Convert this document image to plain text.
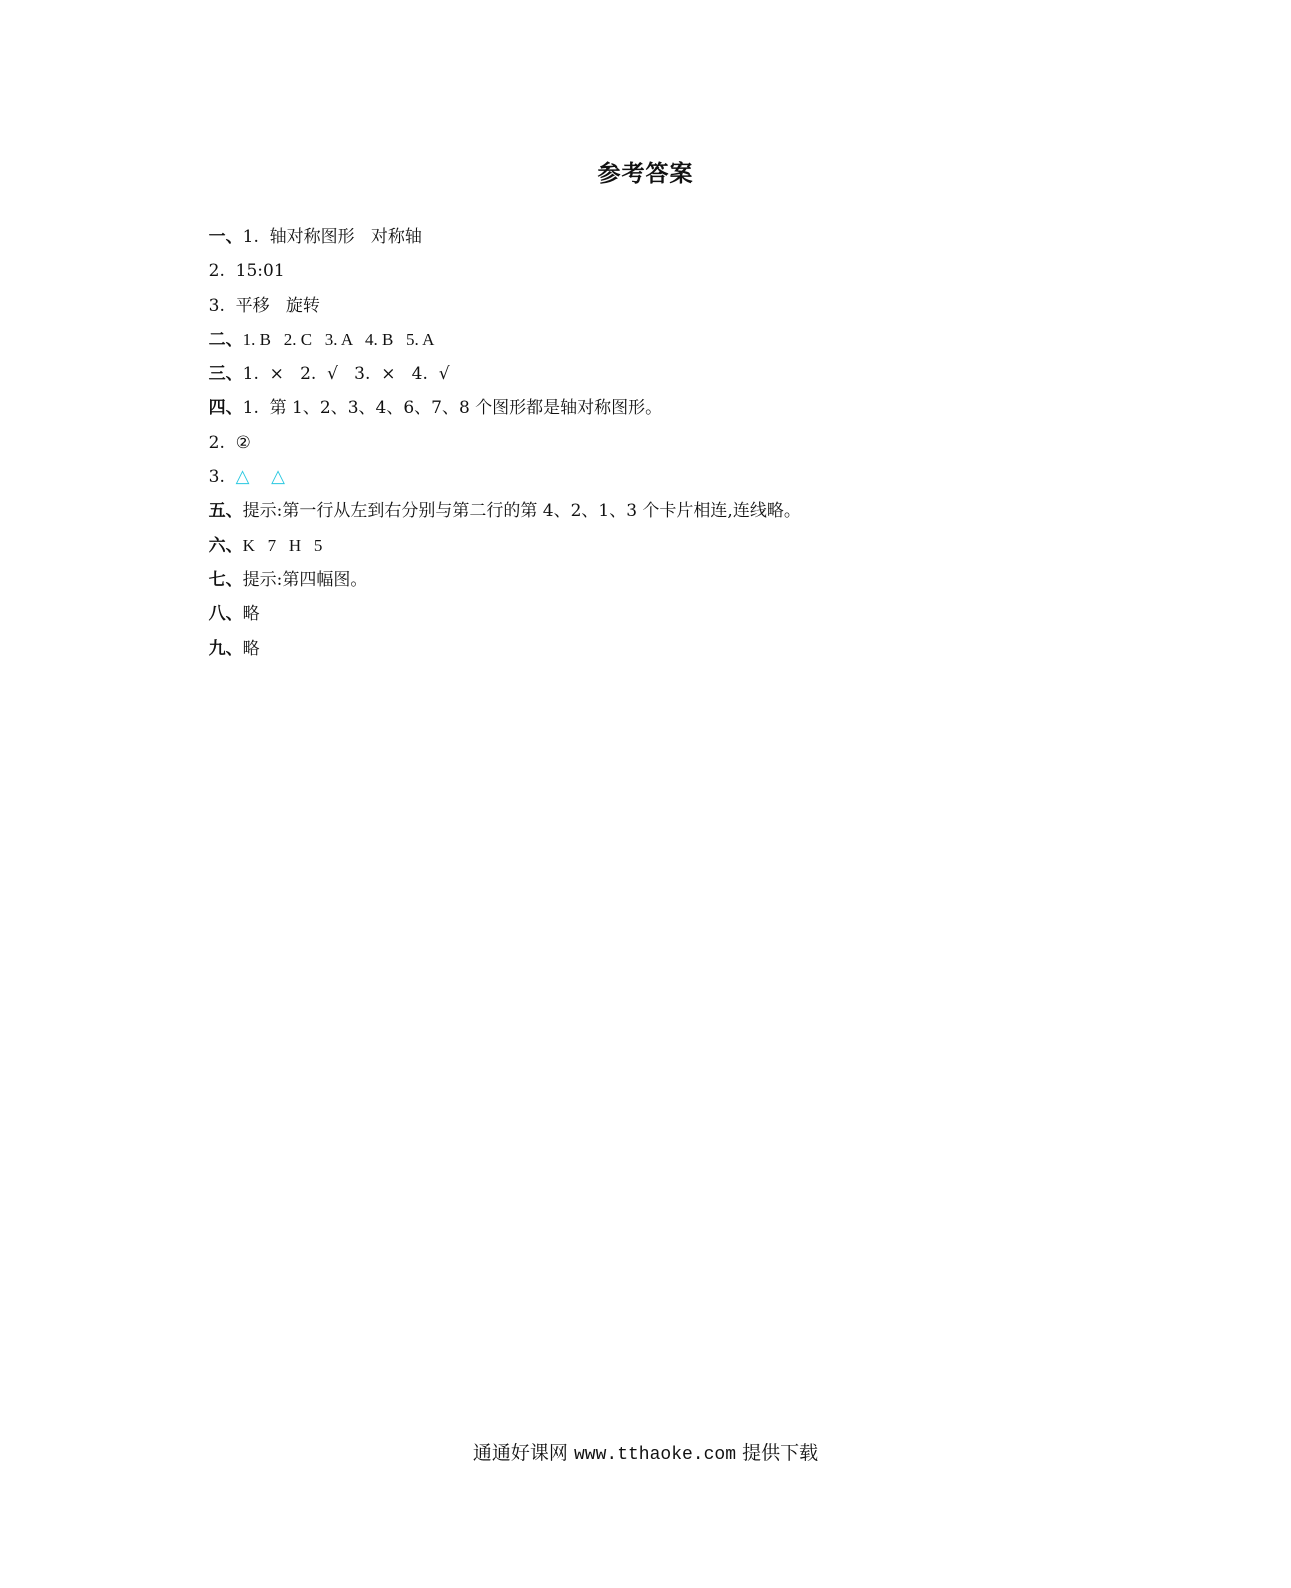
参考答案

一、1.  轴对称图形   对称轴

2.  15:01

3.  平移   旋转

二、1. B   2. C   3. A   4. B   5. A

三、1.  ×   2.  √   3.  ×   4.  √

四、1.  第 1、2、3、4、6、7、8 个图形都是轴对称图形。

2.  ②

3.  △ △

五、提示:第一行从左到右分别与第二行的第 4、2、1、3 个卡片相连,连线略。

六、K   7   H   5

七、提示:第四幅图。

八、略

九、略

通通好课网 www.tthaoke.com 提供下载
